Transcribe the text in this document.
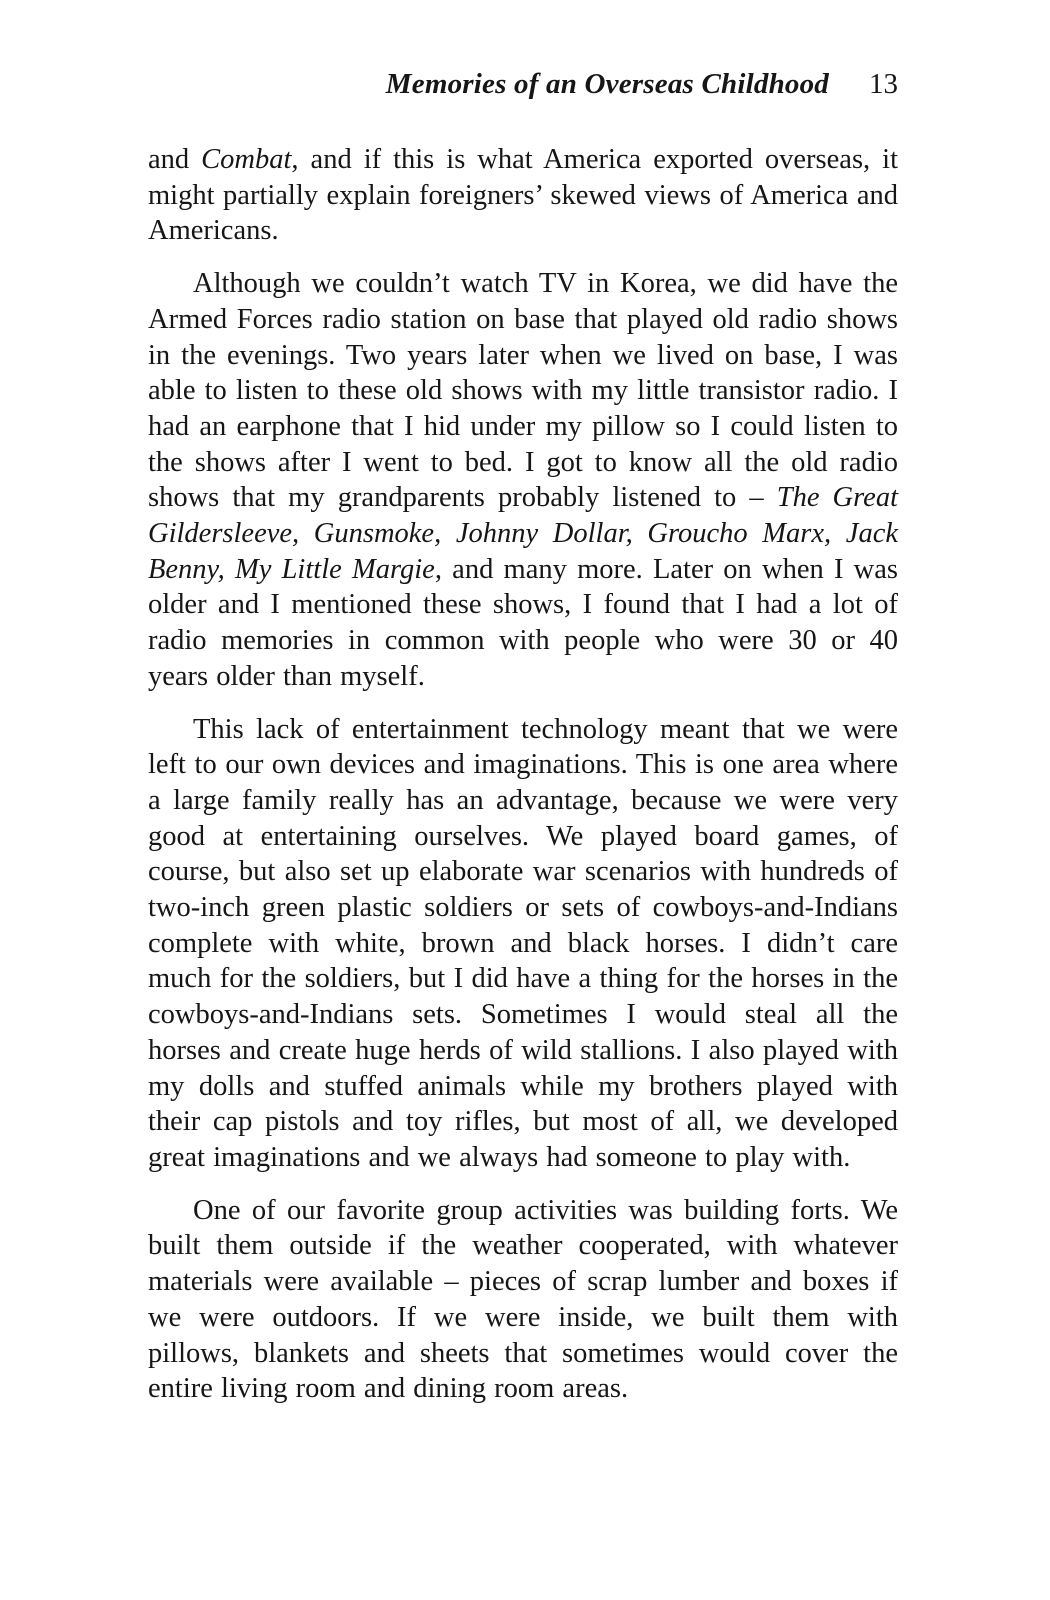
Memories of an Overseas Childhood 13

and Combat, and if this is what America exported overseas, it might partially explain foreigners’ skewed views of America and Americans.

Although we couldn’t watch TV in Korea, we did have the Armed Forces radio station on base that played old radio shows in the evenings. Two years later when we lived on base, I was able to listen to these old shows with my little transistor radio. I had an earphone that I hid under my pillow so I could listen to the shows after I went to bed. I got to know all the old radio shows that my grandparents probably listened to – The Great Gildersleeve, Gunsmoke, Johnny Dollar, Groucho Marx, Jack Benny, My Little Margie, and many more. Later on when I was older and I mentioned these shows, I found that I had a lot of radio memories in common with people who were 30 or 40 years older than myself.

This lack of entertainment technology meant that we were left to our own devices and imaginations. This is one area where a large family really has an advantage, because we were very good at entertaining ourselves. We played board games, of course, but also set up elaborate war scenarios with hundreds of two-inch green plastic soldiers or sets of cowboys-and-Indians complete with white, brown and black horses. I didn’t care much for the soldiers, but I did have a thing for the horses in the cowboys-and-Indians sets. Sometimes I would steal all the horses and create huge herds of wild stallions. I also played with my dolls and stuffed animals while my brothers played with their cap pistols and toy rifles, but most of all, we developed great imaginations and we always had someone to play with.

One of our favorite group activities was building forts. We built them outside if the weather cooperated, with whatever materials were available – pieces of scrap lumber and boxes if we were outdoors. If we were inside, we built them with pillows, blankets and sheets that sometimes would cover the entire living room and dining room areas.
